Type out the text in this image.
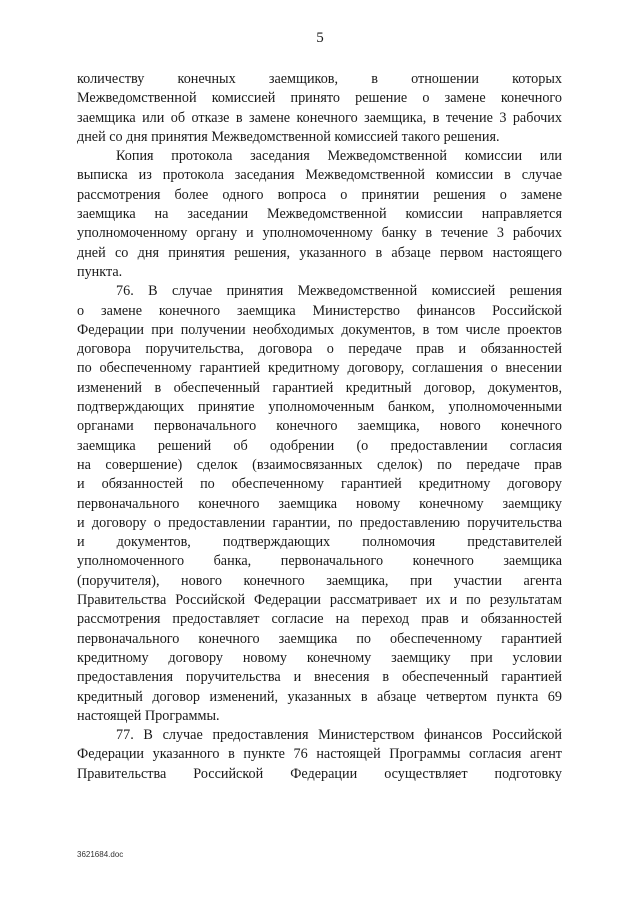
5
количеству конечных заемщиков, в отношении которых
Межведомственной комиссией принято решение о замене конечного
заемщика или об отказе в замене конечного заемщика, в течение 3 рабочих
дней со дня принятия Межведомственной комиссией такого решения.
Копия протокола заседания Межведомственной комиссии или
выписка из протокола заседания Межведомственной комиссии в случае
рассмотрения более одного вопроса о принятии решения о замене
заемщика на заседании Межведомственной комиссии направляется
уполномоченному органу и уполномоченному банку в течение 3 рабочих
дней со дня принятия решения, указанного в абзаце первом настоящего
пункта.
76. В случае принятия Межведомственной комиссией решения
о замене конечного заемщика Министерство финансов Российской
Федерации при получении необходимых документов, в том числе проектов
договора поручительства, договора о передаче прав и обязанностей
по обеспеченному гарантией кредитному договору, соглашения о внесении
изменений в обеспеченный гарантией кредитный договор, документов,
подтверждающих принятие уполномоченным банком, уполномоченными
органами первоначального конечного заемщика, нового конечного
заемщика решений об одобрении (о предоставлении согласия
на совершение) сделок (взаимосвязанных сделок) по передаче прав
и обязанностей по обеспеченному гарантией кредитному договору
первоначального конечного заемщика новому конечному заемщику
и договору о предоставлении гарантии, по предоставлению поручительства
и документов, подтверждающих полномочия представителей
уполномоченного банка, первоначального конечного заемщика
(поручителя), нового конечного заемщика, при участии агента
Правительства Российской Федерации рассматривает их и по результатам
рассмотрения предоставляет согласие на переход прав и обязанностей
первоначального конечного заемщика по обеспеченному гарантией
кредитному договору новому конечному заемщику при условии
предоставления поручительства и внесения в обеспеченный гарантией
кредитный договор изменений, указанных в абзаце четвертом пункта 69
настоящей Программы.
77. В случае предоставления Министерством финансов Российской
Федерации указанного в пункте 76 настоящей Программы согласия агент
Правительства Российской Федерации осуществляет подготовку
3621684.doc
